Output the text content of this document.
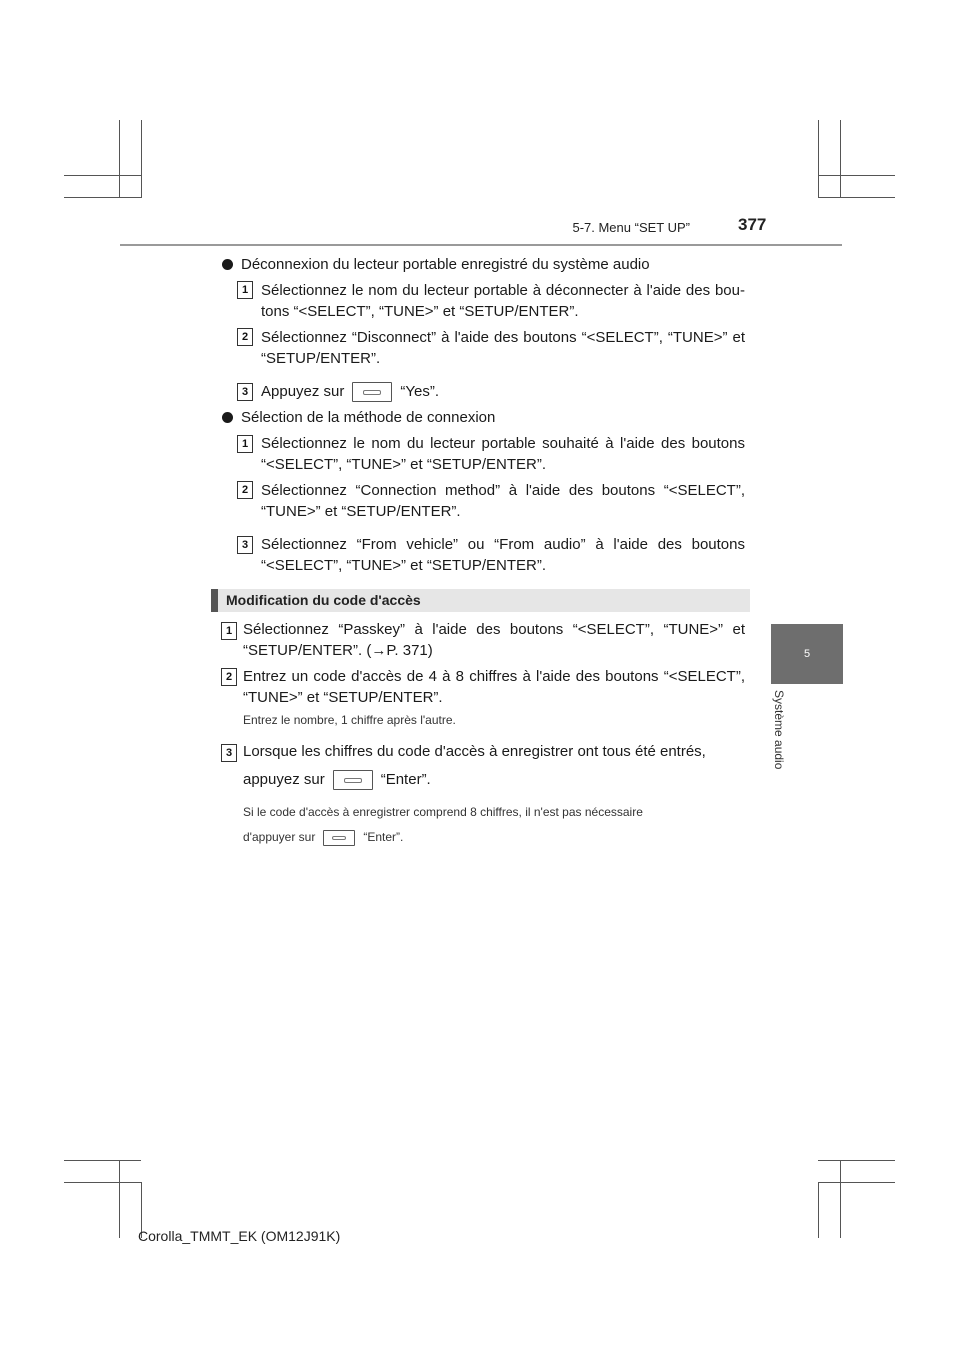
5-7. Menu “SET UP”	377
5
Système audio
Déconnexion du lecteur portable enregistré du système audio
1 Sélectionnez le nom du lecteur portable à déconnecter à l'aide des bou- tons “<SELECT”, “TUNE>” et “SETUP/ENTER”.
2 Sélectionnez “Disconnect” à l'aide des boutons “<SELECT”, “TUNE>” et “SETUP/ENTER”.
3 Appuyez sur	“Yes”.
Sélection de la méthode de connexion
1 Sélectionnez le nom du lecteur portable souhaité à l'aide des boutons “<SELECT”, “TUNE>” et “SETUP/ENTER”.
2 Sélectionnez “Connection method” à l'aide des boutons “<SELECT”, “TUNE>” et “SETUP/ENTER”.
3 Sélectionnez “From vehicle” ou “From audio” à l'aide des boutons “<SELECT”, “TUNE>” et “SETUP/ENTER”.
Modification du code d'accès
1 Sélectionnez “Passkey” à l'aide des boutons “<SELECT”, “TUNE>” et “SETUP/ENTER”. (→P. 371)
2 Entrez un code d'accès de 4 à 8 chiffres à l'aide des boutons “<SELECT”, “TUNE>” et “SETUP/ENTER”.
Entrez le nombre, 1 chiffre après l'autre.
3 Lorsque les chiffres du code d'accès à enregistrer ont tous été entrés,
appuyez sur	“Enter”.
Si le code d'accès à enregistrer comprend 8 chiffres, il n'est pas nécessaire
d'appuyer sur	“Enter”.
Corolla_TMMT_EK (OM12J91K)
